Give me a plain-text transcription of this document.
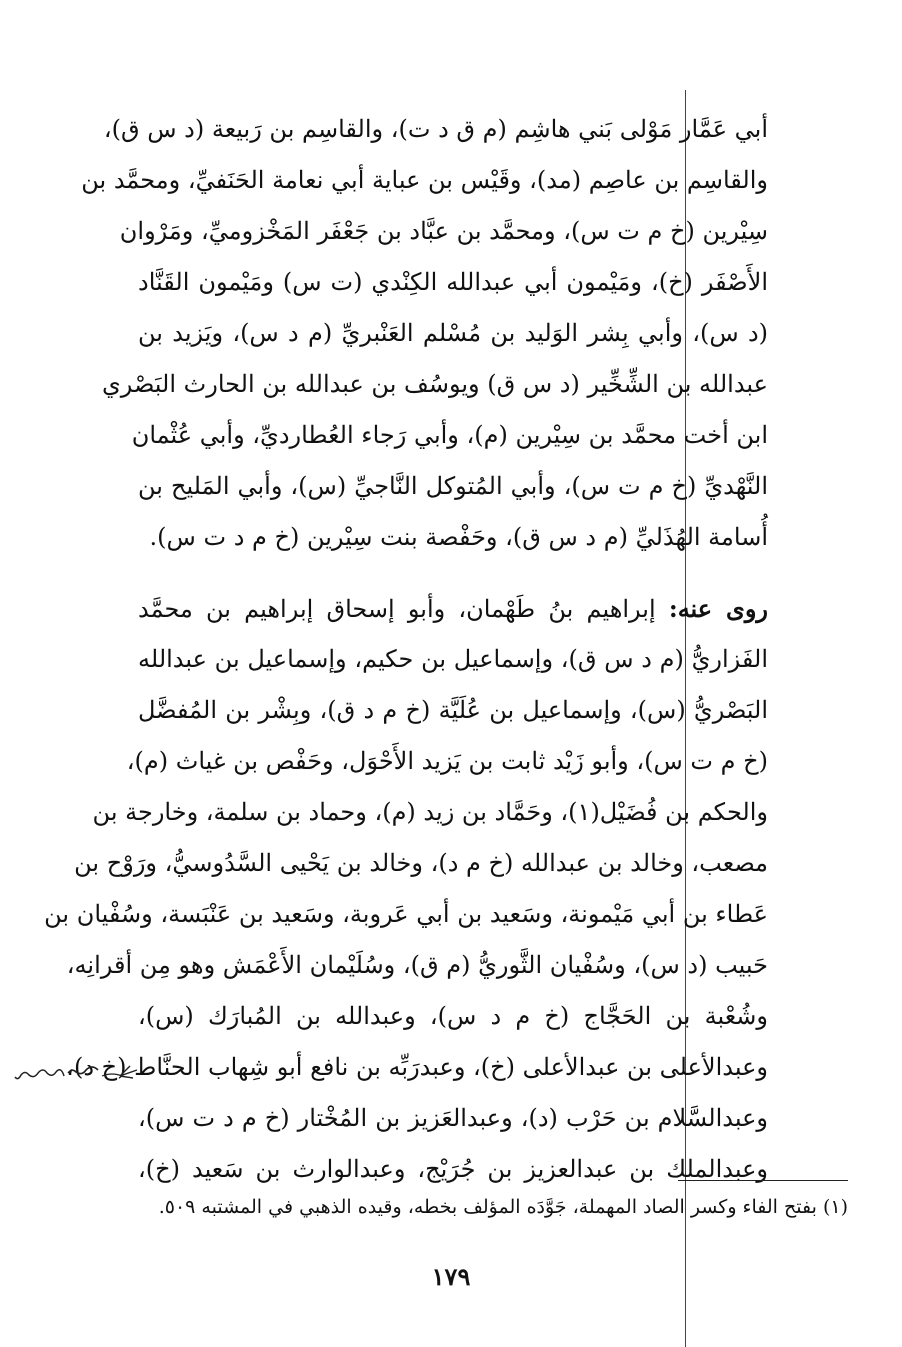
أبي عَمَّار مَوْلى بَني هاشِم (م ق د ت)، والقاسِم بن رَبيعة (د س ق)،
والقاسِم بن عاصِم (مد)، وقَيْس بن عباية أبي نعامة الحَنَفيِّ، ومحمَّد بن
سِيْرين (خ م ت س)، ومحمَّد بن عبَّاد بن جَعْفَر المَخْزوميِّ، ومَرْوان
الأَصْفَر (خ)، ومَيْمون أبي عبدالله الكِنْدي (ت س) ومَيْمون القَنَّاد
(د س)، وأبي بِشر الوَليد بن مُسْلم العَنْبريِّ (م د س)، ويَزيد بن
عبدالله بن الشِّخِّير (د س ق) ويوسُف بن عبدالله بن الحارث البَصْري
ابن أخت محمَّد بن سِيْرين (م)، وأبي رَجاء العُطارديِّ، وأبي عُثْمان
النَّهْديِّ (خ م ت س)، وأبي المُتوكل النَّاجيِّ (س)، وأبي المَليح بن
أُسامة الهُذَليِّ (م د س ق)، وحَفْصة بنت سِيْرين (خ م د ت س).
روى عنه: إبراهيم بنُ طَهْمان، وأبو إسحاق إبراهيم بن محمَّد
الفَزاريُّ (م د س ق)، وإسماعيل بن حكيم، وإسماعيل بن عبدالله
البَصْريُّ (س)، وإسماعيل بن عُلَيَّة (خ م د ق)، وبِشْر بن المُفضَّل
(خ م ت س)، وأبو زَيْد ثابت بن يَزيد الأَحْوَل، وحَفْص بن غياث (م)،
والحكم بن فُضَيْل(١)، وحَمَّاد بن زيد (م)، وحماد بن سلمة، وخارجة بن
مصعب، وخالد بن عبدالله (خ م د)، وخالد بن يَحْيى السَّدُوسيُّ، ورَوْح بن
عَطاء بن أبي مَيْمونة، وسَعيد بن أبي عَروبة، وسَعيد بن عَنْبَسة، وسُفْيان بن
حَبيب (د س)، وسُفْيان الثَّوريُّ (م ق)، وسُلَيْمان الأَعْمَش وهو مِن أقرانِه،
وشُعْبة بن الحَجَّاج (خ م د س)، وعبدالله بن المُبارَك (س)،
وعبدالأعلى بن عبدالأعلى (خ)، وعبدرَبِّه بن نافع أبو شِهاب الحنَّاط (خ د)،
وعبدالسَّلام بن حَرْب (د)، وعبدالعَزيز بن المُخْتار (خ م د ت س)،
وعبدالملك بن عبدالعزيز بن جُرَيْج، وعبدالوارث بن سَعيد (خ)،
(١) بفتح الفاء وكسر الصاد المهملة، جَوَّدَه المؤلف بخطه، وقيده الذهبي في المشتبه ٥٠٩.
١٧٩
